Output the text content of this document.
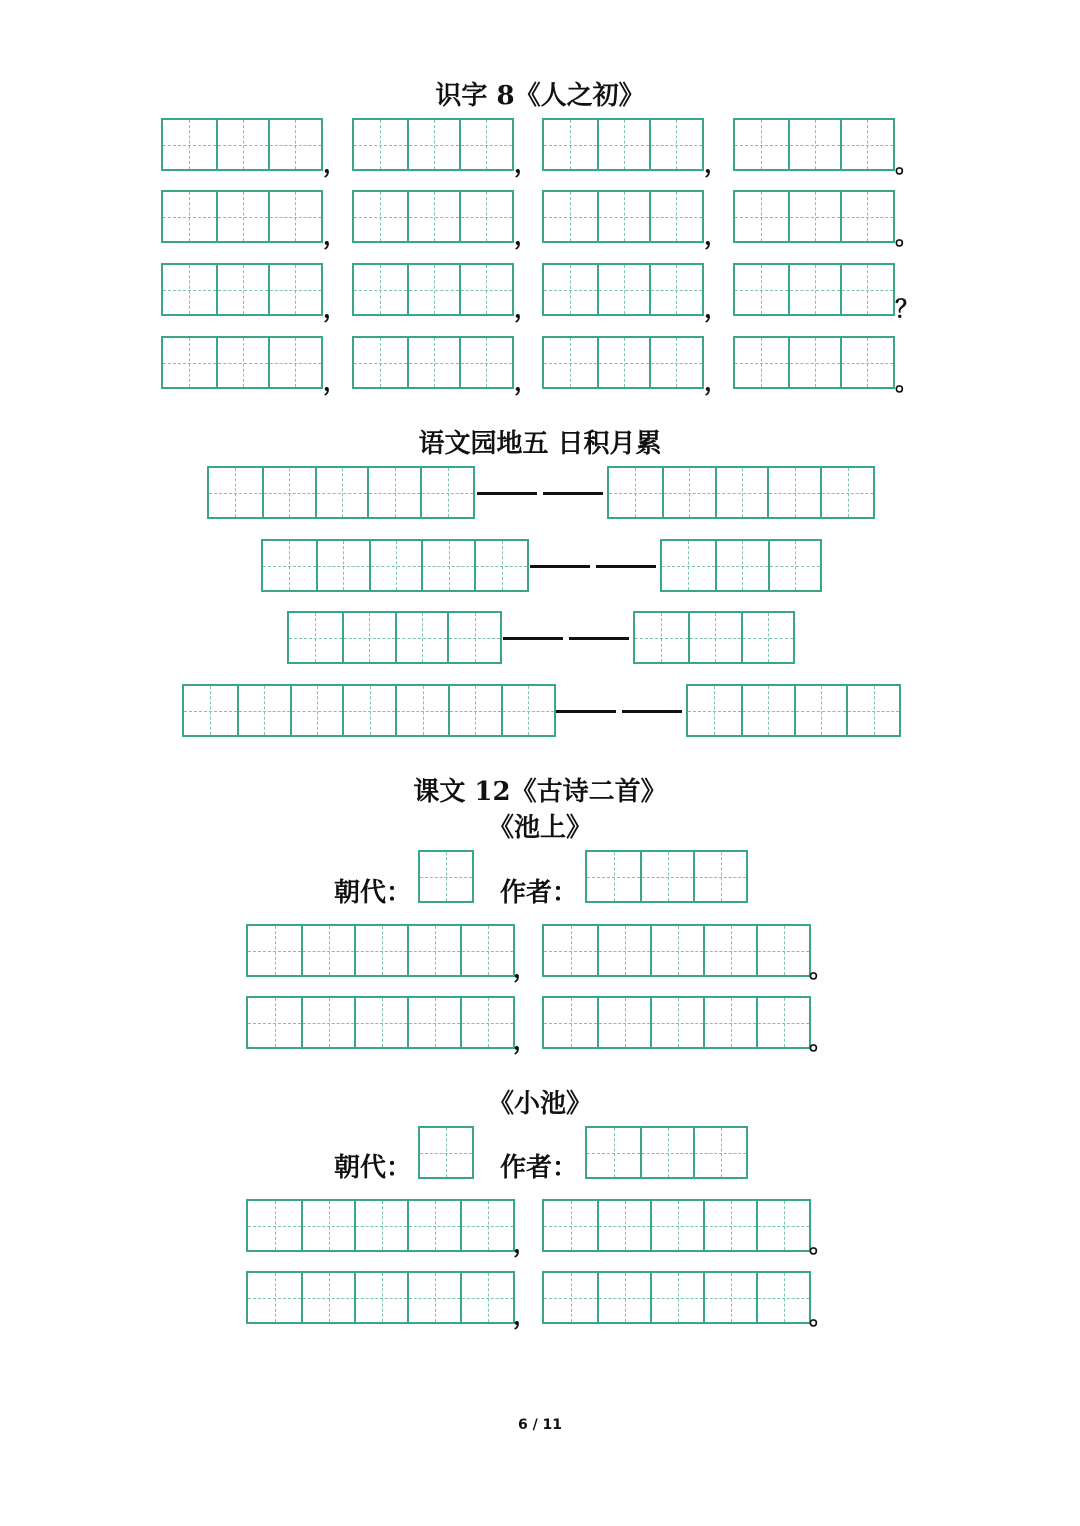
识字 8《人之初》
，	，	，	。
，	，	，	。
，	，	，	？
，	，	，	。
语文园地五 日积月累
课文 12《古诗二首》
《池上》
朝代：	作者：
，	。
，	。
《小池》
朝代：	作者：
，	。
，	。
6 / 11
